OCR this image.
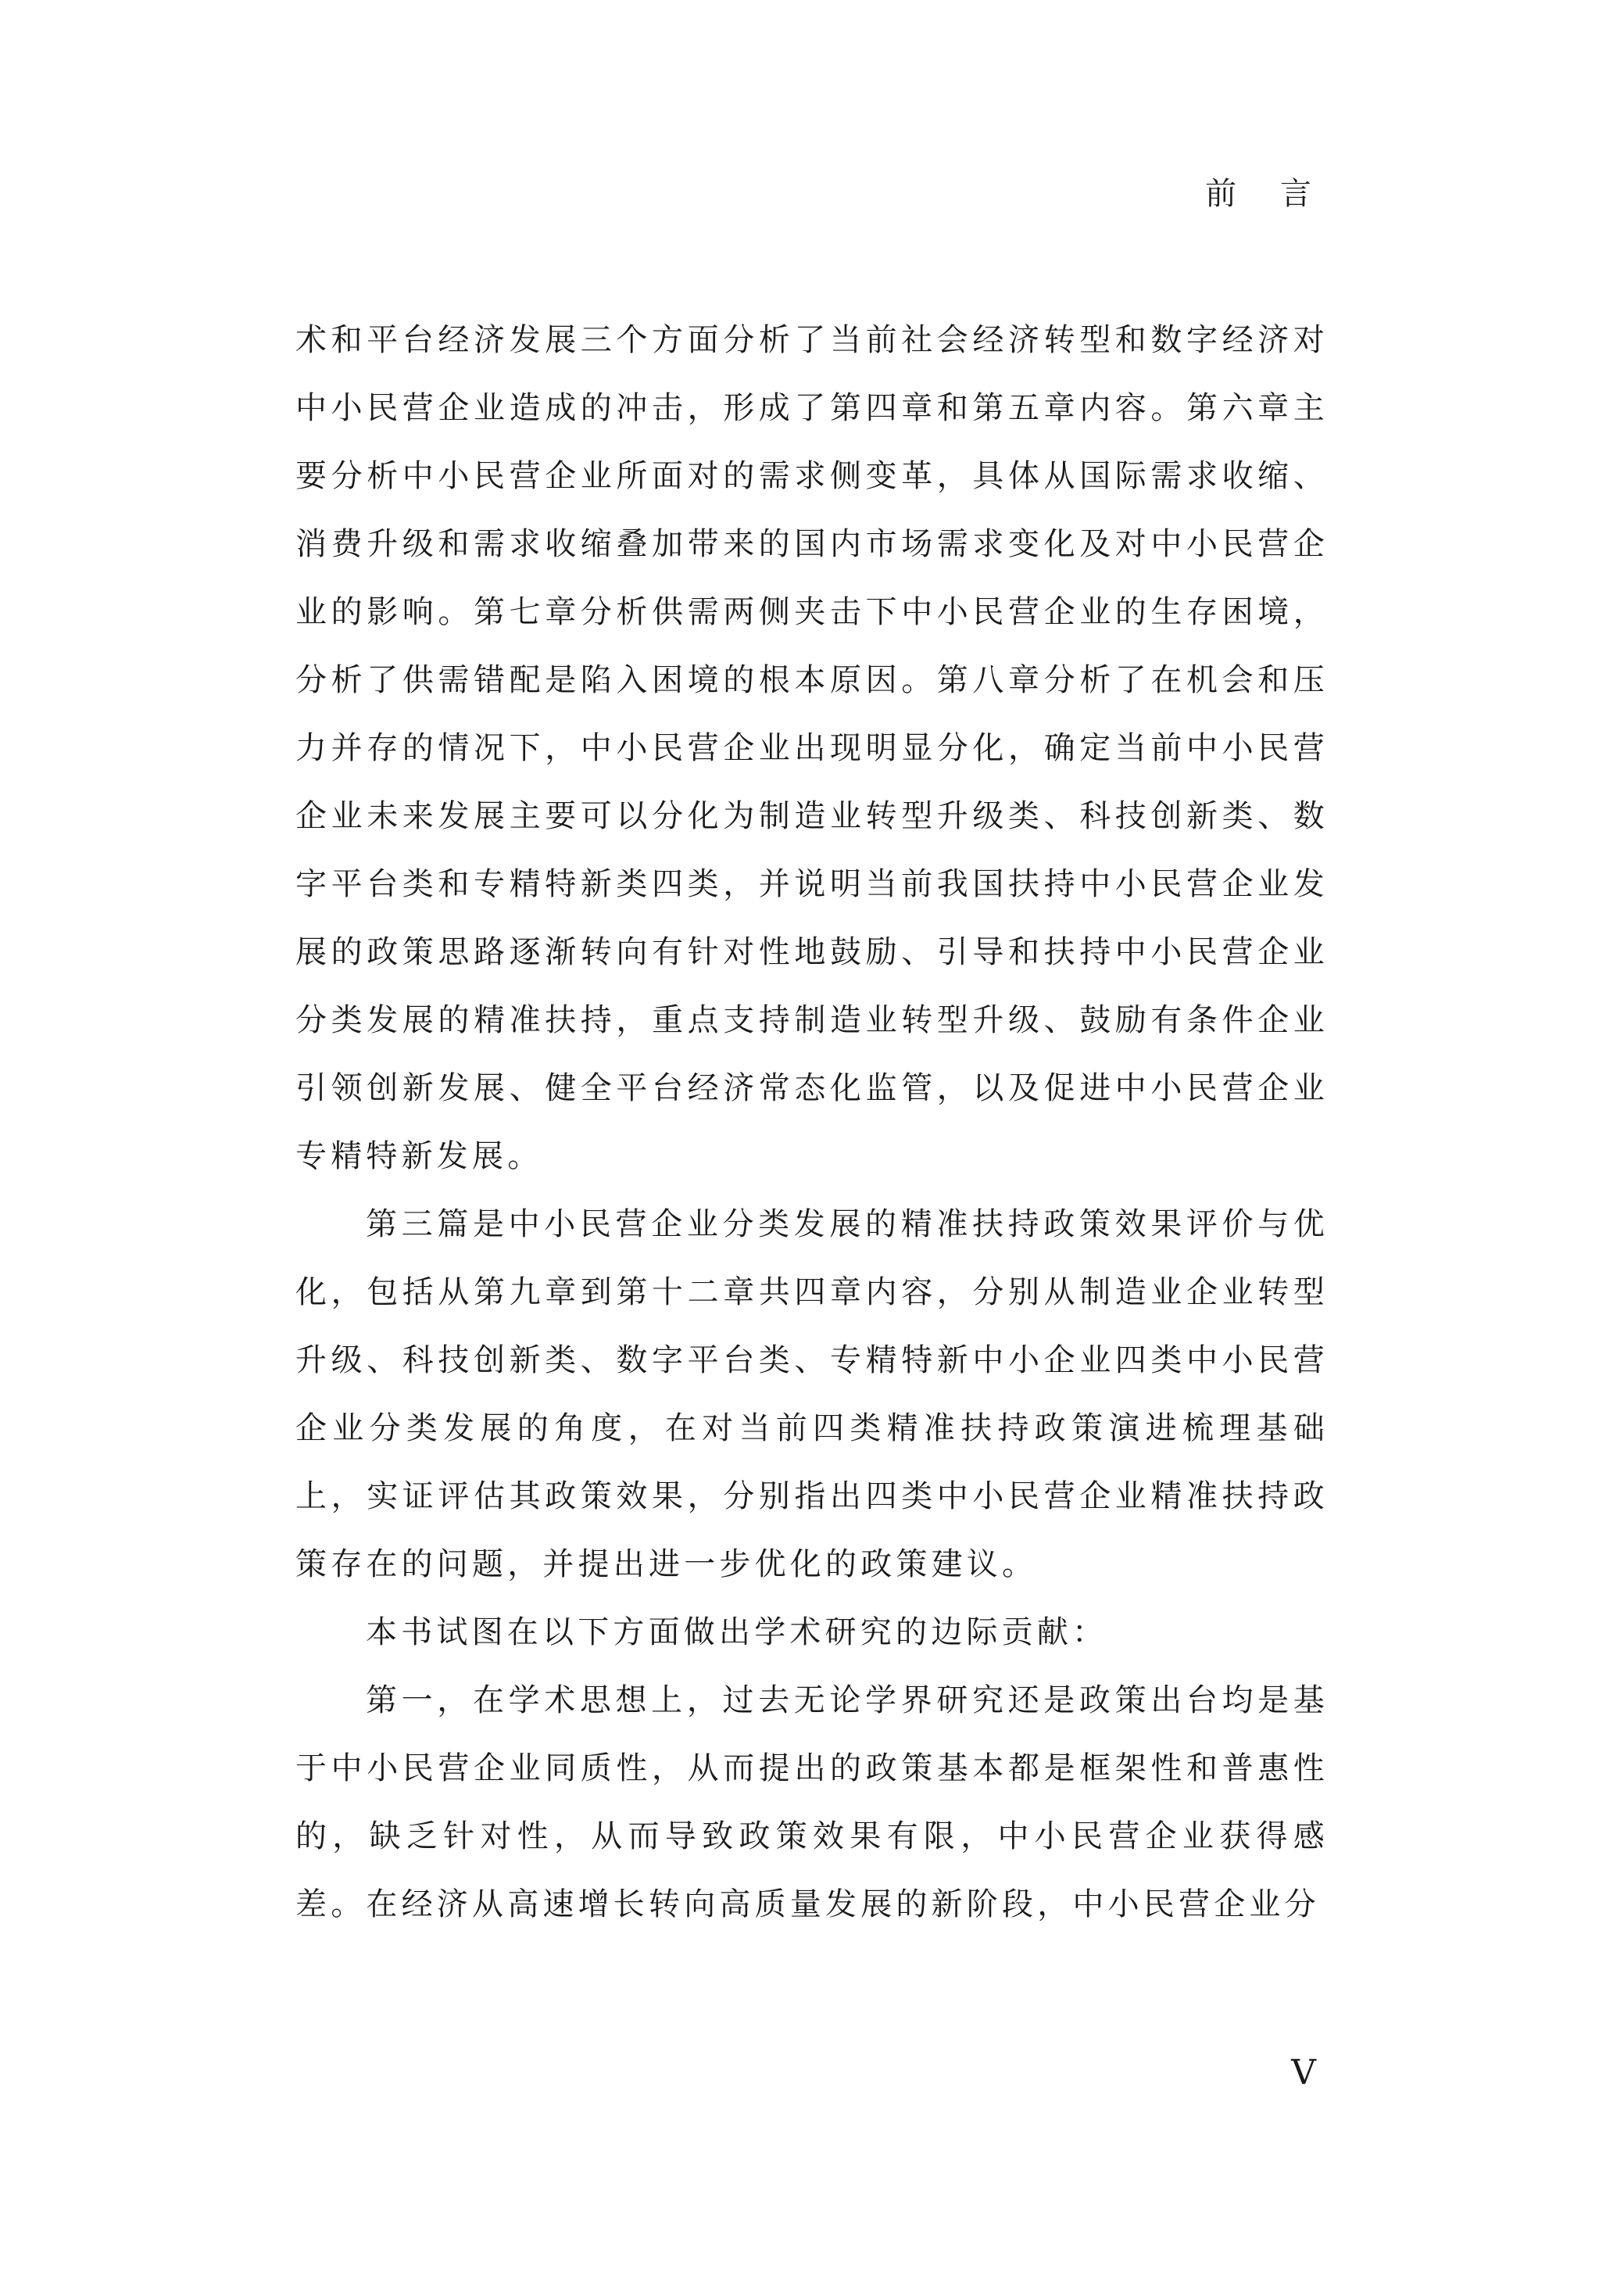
前言

术和平台经济发展三个方面分析了当前社会经济转型和数字经济对中小民营企业造成的冲击，形成了第四章和第五章内容。第六章主要分析中小民营企业所面对的需求侧变革，具体从国际需求收缩、消费升级和需求收缩叠加带来的国内市场需求变化及对中小民营企业的影响。第七章分析供需两侧夹击下中小民营企业的生存困境，分析了供需错配是陷入困境的根本原因。第八章分析了在机会和压力并存的情况下，中小民营企业出现明显分化，确定当前中小民营企业未来发展主要可以分化为制造业转型升级类、科技创新类、数字平台类和专精特新类四类，并说明当前我国扶持中小民营企业发展的政策思路逐渐转向有针对性地鼓励、引导和扶持中小民营企业分类发展的精准扶持，重点支持制造业转型升级、鼓励有条件企业引领创新发展、健全平台经济常态化监管，以及促进中小民营企业专精特新发展。

第三篇是中小民营企业分类发展的精准扶持政策效果评价与优化，包括从第九章到第十二章共四章内容，分别从制造业企业转型升级、科技创新类、数字平台类、专精特新中小企业四类中小民营企业分类发展的角度，在对当前四类精准扶持政策演进梳理基础上，实证评估其政策效果，分别指出四类中小民营企业精准扶持政策存在的问题，并提出进一步优化的政策建议。

本书试图在以下方面做出学术研究的边际贡献：

第一，在学术思想上，过去无论学界研究还是政策出台均是基于中小民营企业同质性，从而提出的政策基本都是框架性和普惠性的，缺乏针对性，从而导致政策效果有限，中小民营企业获得感差。在经济从高速增长转向高质量发展的新阶段，中小民营企业分

V
